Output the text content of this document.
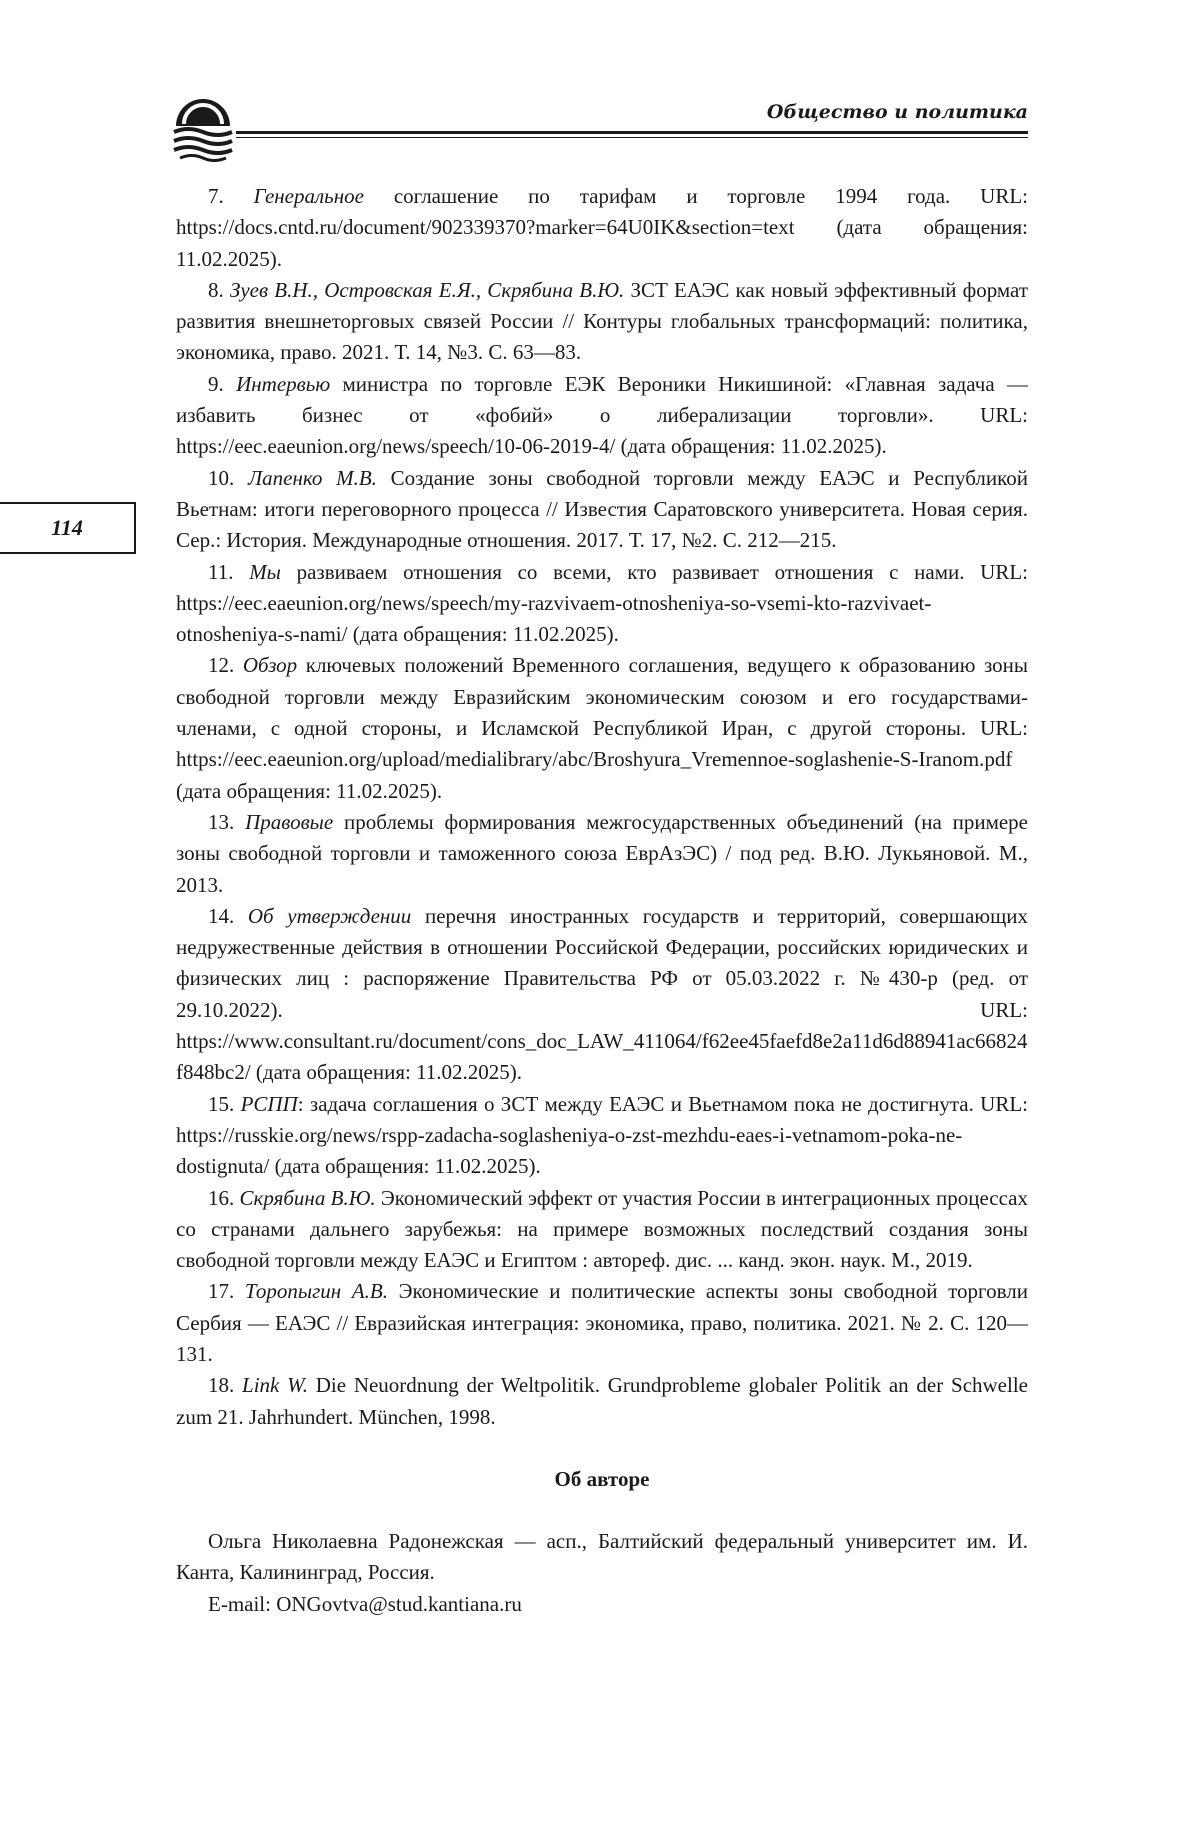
Общество и политика
114

7. Генеральное соглашение по тарифам и торговле 1994 года. URL: https://docs.cntd.ru/document/902339370?marker=64U0IK&section=text (дата обращения: 11.02.2025).

8. Зуев В.Н., Островская Е.Я., Скрябина В.Ю. ЗСТ ЕАЭС как новый эффективный формат развития внешнеторговых связей России // Контуры глобальных трансформаций: политика, экономика, право. 2021. Т. 14, №3. С. 63—83.

9. Интервью министра по торговле ЕЭК Вероники Никишиной: «Главная задача — избавить бизнес от «фобий» о либерализации торговли». URL: https://eec.eaeunion.org/news/speech/10-06-2019-4/ (дата обращения: 11.02.2025).

10. Лапенко М.В. Создание зоны свободной торговли между ЕАЭС и Республикой Вьетнам: итоги переговорного процесса // Известия Саратовского университета. Новая серия. Сер.: История. Международные отношения. 2017. Т. 17, №2. С. 212—215.

11. Мы развиваем отношения со всеми, кто развивает отношения с нами. URL: https://eec.eaeunion.org/news/speech/my-razvivaem-otnosheniya-so-vsemi-kto-razvivaet-otnosheniya-s-nami/ (дата обращения: 11.02.2025).

12. Обзор ключевых положений Временного соглашения, ведущего к образованию зоны свободной торговли между Евразийским экономическим союзом и его государствами-членами, с одной стороны, и Исламской Республикой Иран, с другой стороны. URL: https://eec.eaeunion.org/upload/medialibrary/abc/Broshyura_Vremennoe-soglashenie-S-Iranom.pdf (дата обращения: 11.02.2025).

13. Правовые проблемы формирования межгосударственных объединений (на примере зоны свободной торговли и таможенного союза ЕврАзЭС) / под ред. В.Ю. Лукьяновой. М., 2013.

14. Об утверждении перечня иностранных государств и территорий, совершающих недружественные действия в отношении Российской Федерации, российских юридических и физических лиц : распоряжение Правительства РФ от 05.03.2022 г. №430-р (ред. от 29.10.2022). URL: https://www.consultant.ru/document/cons_doc_LAW_411064/f62ee45faefd8e2a11d6d88941ac66824f848bc2/ (дата обращения: 11.02.2025).

15. РСПП: задача соглашения о ЗСТ между ЕАЭС и Вьетнамом пока не достигнута. URL: https://russkie.org/news/rspp-zadacha-soglasheniya-o-zst-mezhdu-eaes-i-vetnamom-poka-ne-dostignuta/ (дата обращения: 11.02.2025).

16. Скрябина В.Ю. Экономический эффект от участия России в интеграционных процессах со странами дальнего зарубежья: на примере возможных последствий создания зоны свободной торговли между ЕАЭС и Египтом : автореф. дис. ... канд. экон. наук. М., 2019.

17. Торопыгин А.В. Экономические и политические аспекты зоны свободной торговли Сербия — ЕАЭС // Евразийская интеграция: экономика, право, политика. 2021. № 2. С. 120—131.

18. Link W. Die Neuordnung der Weltpolitik. Grundprobleme globaler Politik an der Schwelle zum 21. Jahrhundert. München, 1998.

Об авторе

Ольга Николаевна Радонежская — асп., Балтийский федеральный университет им. И. Канта, Калининград, Россия.

E-mail: ONGovtva@stud.kantiana.ru
